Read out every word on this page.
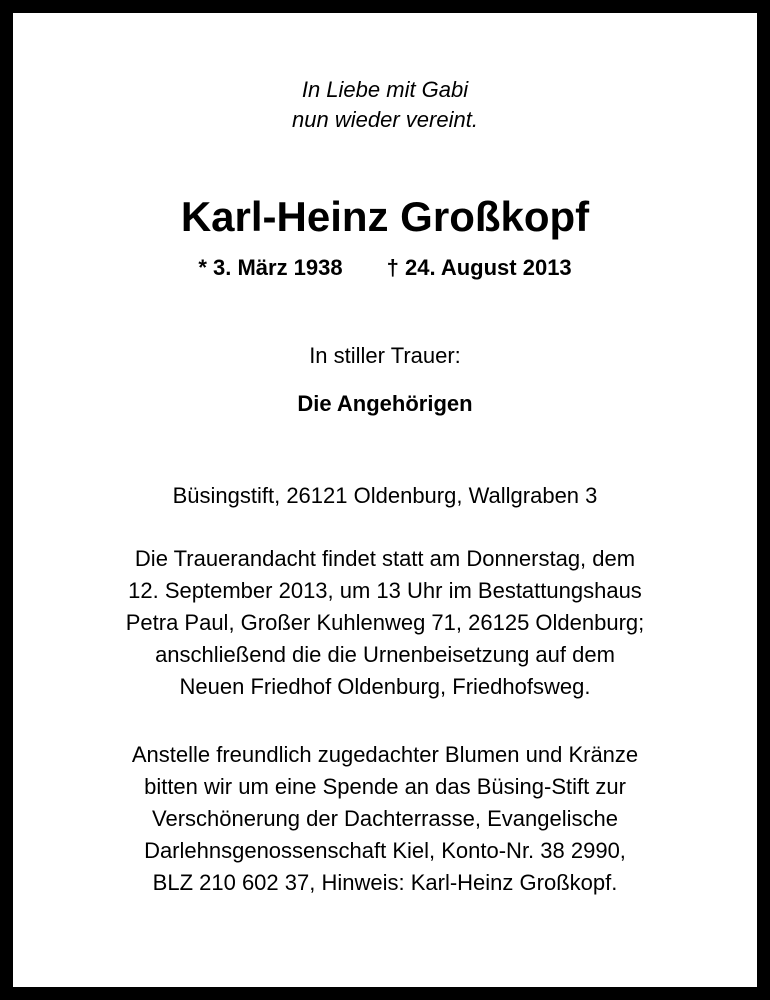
In Liebe mit Gabi
nun wieder vereint.
Karl-Heinz Großkopf
* 3. März 1938 † 24. August 2013
In stiller Trauer:
Die Angehörigen
Büsingstift, 26121 Oldenburg, Wallgraben 3
Die Trauerandacht findet statt am Donnerstag, dem
12. September 2013, um 13 Uhr im Bestattungshaus
Petra Paul, Großer Kuhlenweg 71, 26125 Oldenburg;
anschließend die die Urnenbeisetzung auf dem
Neuen Friedhof Oldenburg, Friedhofsweg.
Anstelle freundlich zugedachter Blumen und Kränze
bitten wir um eine Spende an das Büsing-Stift zur
Verschönerung der Dachterrasse, Evangelische
Darlehnsgenossenschaft Kiel, Konto-Nr. 38 2990,
BLZ 210 602 37, Hinweis: Karl-Heinz Großkopf.
